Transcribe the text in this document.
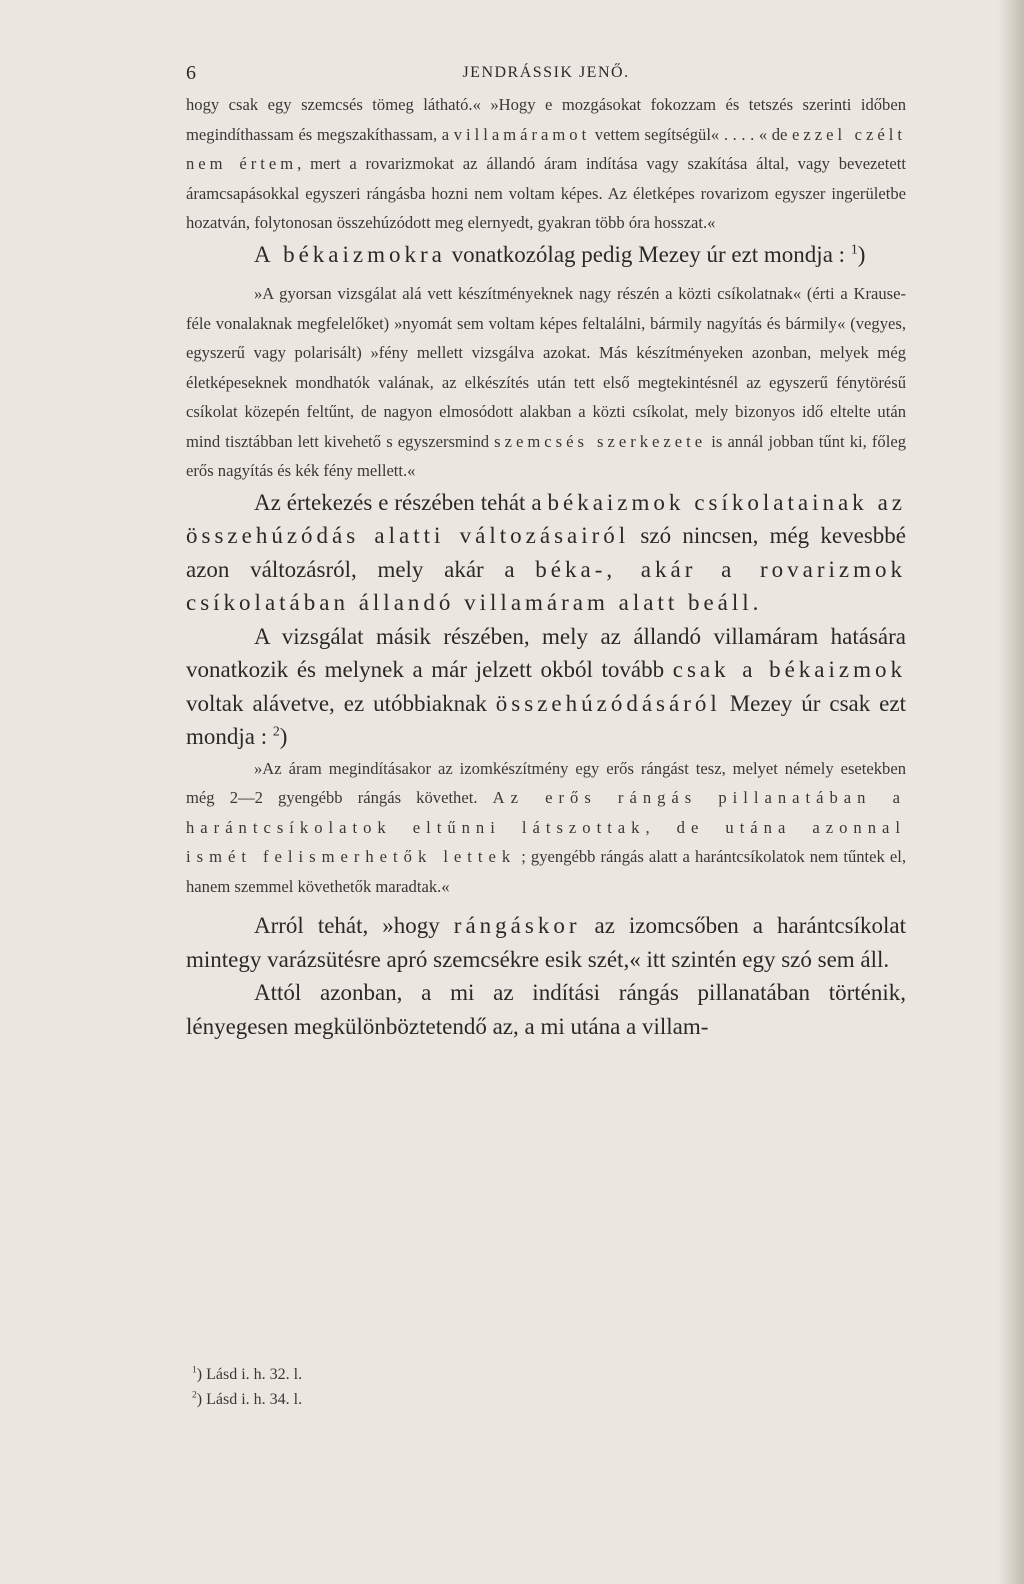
6	JENDRÁSSIK JENŐ.

hogy csak egy szemcsés tömeg látható.« »Hogy e mozgásokat fokozzam és tetszés szerinti időben megindíthassam és megszakíthassam, a villamáramot vettem segítségül« . . . . « de ezzel czélt nem értem, mert a rovarizmokat az állandó áram indítása vagy szakítása által, vagy bevezetett áramcsapásokkal egyszeri rángásba hozni nem voltam képes. Az életképes rovarizom egyszer ingerületbe hozatván, folytonosan összehúzódott meg elernyedt, gyakran több óra hosszat.«

A békaizmokra vonatkozólag pedig Mezey úr ezt mondja : $^1$)

»A gyorsan vizsgálat alá vett készítményeknek nagy részén a közti csíkolatnak« (érti a Krause-féle vonalaknak megfelelőket) »nyomát sem voltam képes feltalálni, bármily nagyítás és bármily« (vegyes, egyszerű vagy polarisált) »fény mellett vizsgálva azokat. Más készítményeken azonban, melyek még életképeseknek mondhatók valának, az elkészítés után tett első megtekintésnél az egyszerű fénytörésű csíkolat közepén feltűnt, de nagyon elmosódott alakban a közti csíkolat, mely bizonyos idő eltelte után mind tisztábban lett kivehető s egyszersmind szemcsés szerkezete is annál jobban tűnt ki, főleg erős nagyítás és kék fény mellett.«

Az értekezés e részében tehát a békaizmok csíkolatainak az összehúzódás alatti változásairól szó nincsen, még kevesbbé azon változásról, mely akár a béka-, akár a rovarizmok csíkolatában állandó villamáram alatt beáll.

A vizsgálat másik részében, mely az állandó villamáram hatására vonatkozik és melynek a már jelzett okból tovább csak a békaizmok voltak alávetve, ez utóbbiaknak összehúzódásáról Mezey úr csak ezt mondja : $^2$)

»Az áram megindításakor az izomkészítmény egy erős rángást tesz, melyet némely esetekben még 2—2 gyengébb rángás követhet. Az erős rángás pillanatában a harántcsíkolatok eltűnni látszottak, de utána azonnal ismét felismerhetők lettek ; gyengébb rángás alatt a harántcsíkolatok nem tűntek el, hanem szemmel követhetők maradtak.«

Arról tehát, »hogy rángáskor az izomcsőben a harántcsíkolat mintegy varázsütésre apró szemcsékre esik szét,« itt szintén egy szó sem áll.

Attól azonban, a mi az indítási rángás pillanatában történik, lényegesen megkülönböztetendő az, a mi utána a villam-

$^1$) Lásd i. h. 32. l.
$^2$) Lásd i. h. 34. l.
